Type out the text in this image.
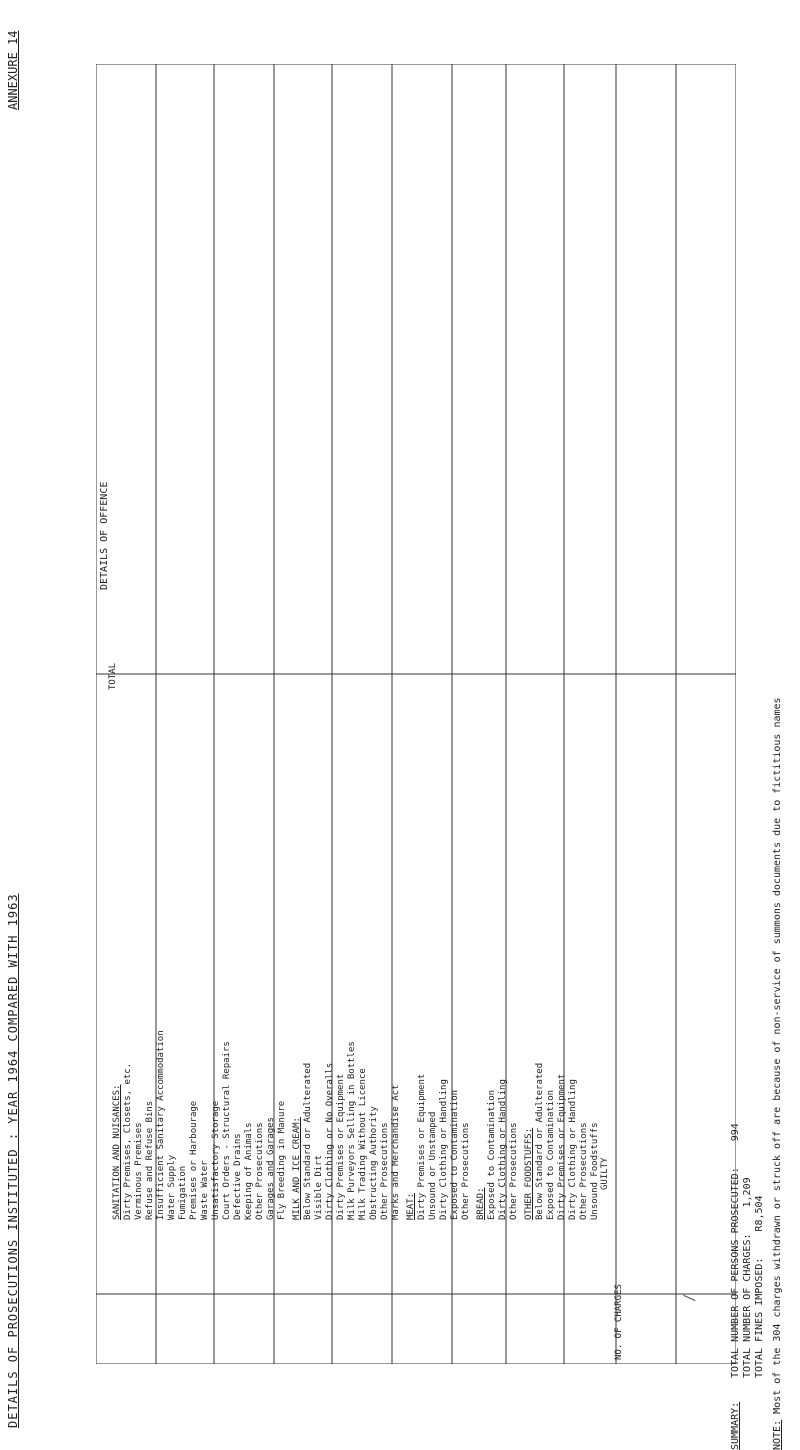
DETAILS OF PROSECUTIONS INSTITUTED : YEAR 1964 COMPARED WITH 1963
ANNEXURE 14
/
SUMMARY:
TOTAL NUMBER OF PERSONS PROSECUTED: 994
TOTAL NUMBER OF CHARGES: 1,209
TOTAL FINES IMPOSED: R8,504
NOTE: Most of the 304 charges withdrawn or struck off are because of non-service of summons documents due to fictitious names
DETAILS OF OFFENCE
NO. OF CHARGES
GUILTY
SANITATION AND NUISANCES: Dirty Premises, Closets, etc. Verminous Premises Refuse and Refuse Bins Insufficient Sanitary Accommodation Water Supply Fumigation Premises or Harbourage Waste Water Unsatisfactory Storage Court Orders - Structural Repairs Defective Drains Keeping of Animals Other Prosecutions Garages and Garages Fly Breeding in Manure MILK AND ICE CREAM: Below Standard or Adulterated Visible Dirt Dirty Clothing or No Overalls Dirty Premises or Equipment Milk Purveyors Selling in Bottles Milk Trading Without Licence Obstructing Authority Other Prosecutions Marks and Merchandise Act MEAT: Dirty Premises or Equipment Unsound or Unstamped Dirty Clothing or Handling Exposed to Contamination Other Prosecutions BREAD: Exposed to Contamination Dirty Clothing or Handling Other Prosecutions OTHER FOODSTUFFS: Below Standard or Adulterated Exposed to Contamination Dirty Premises or Equipment Dirty Clothing or Handling Other Prosecutions Unsound Foodstuffs
TOTAL
